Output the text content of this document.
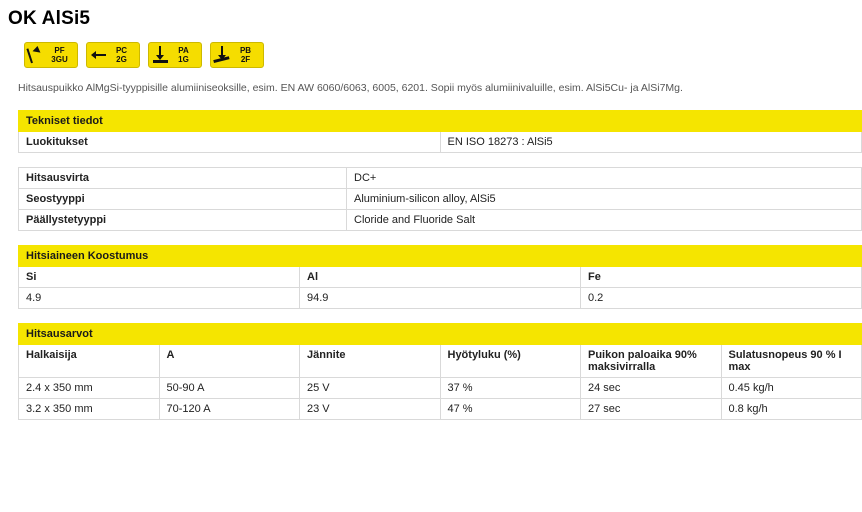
OK AlSi5
PF
3GU
PC
2G
PA
1G
PB
2F

Hitsauspuikko AlMgSi-tyyppisille alumiiniseoksille, esim. EN AW 6060/6063, 6005, 6201. Sopii myös alumiinivaluille, esim. AlSi5Cu- ja AlSi7Mg.

Tekniset tiedot
Luokitukset	EN ISO 18273 : AlSi5
Hitsausvirta	DC+
Seostyyppi	Aluminium-silicon alloy, AlSi5
Päällystetyyppi	Cloride and Fluoride Salt
Hitsiaineen Koostumus		
Si	Al	Fe
4.9	94.9	0.2
Hitsausarvot					
Halkaisija	A	Jännite	Hyötyluku (%)	Puikon paloaika 90% maksivirralla	Sulatusnopeus 90 % I max
2.4 x 350 mm	50-90 A	25 V	37 %	24 sec	0.45 kg/h
3.2 x 350 mm	70-120 A	23 V	47 %	27 sec	0.8 kg/h
